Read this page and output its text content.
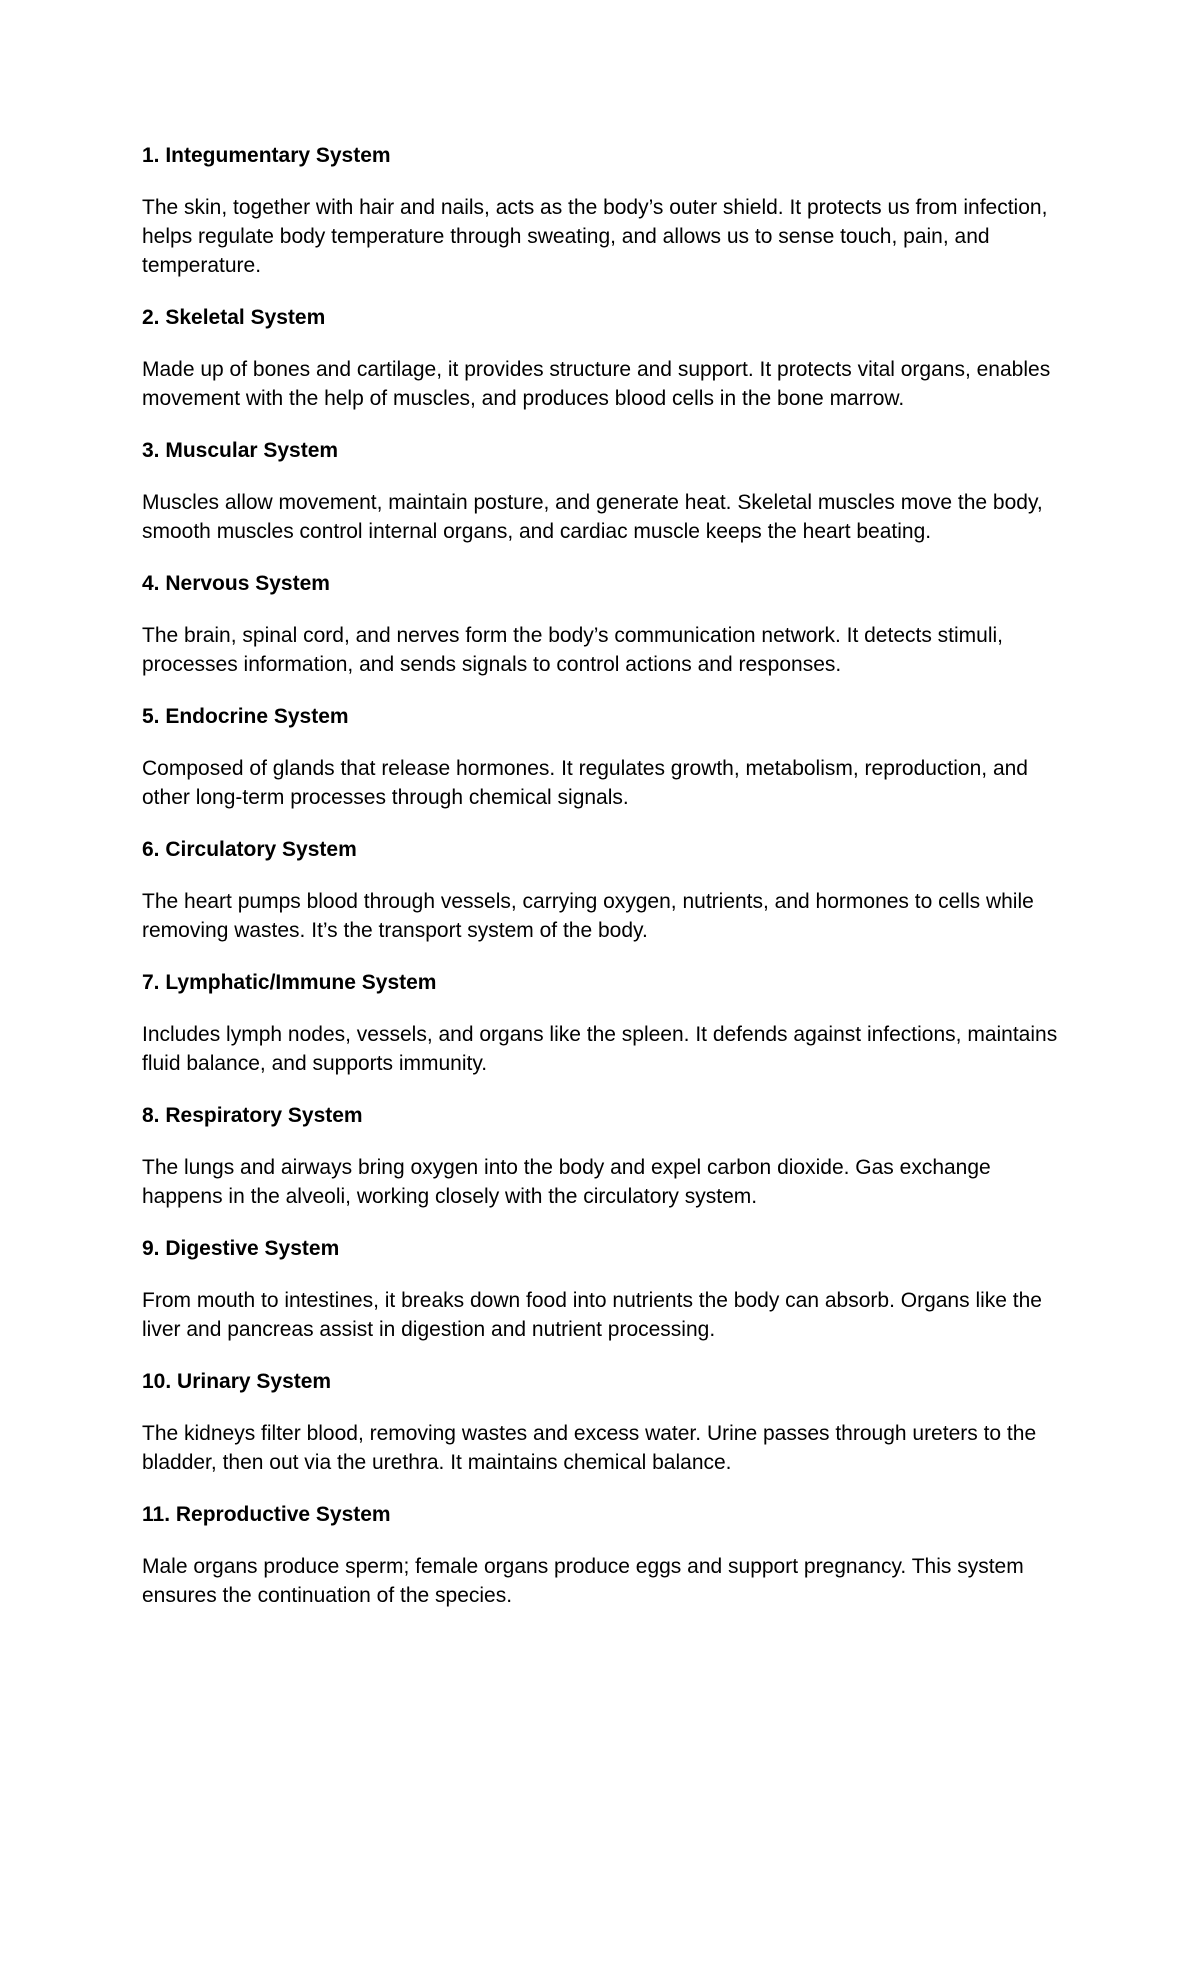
1. Integumentary System

The skin, together with hair and nails, acts as the body’s outer shield. It protects us from infection, helps regulate body temperature through sweating, and allows us to sense touch, pain, and temperature.

2. Skeletal System

Made up of bones and cartilage, it provides structure and support. It protects vital organs, enables movement with the help of muscles, and produces blood cells in the bone marrow.

3. Muscular System

Muscles allow movement, maintain posture, and generate heat. Skeletal muscles move the body, smooth muscles control internal organs, and cardiac muscle keeps the heart beating.

4. Nervous System

The brain, spinal cord, and nerves form the body’s communication network. It detects stimuli, processes information, and sends signals to control actions and responses.

5. Endocrine System

Composed of glands that release hormones. It regulates growth, metabolism, reproduction, and other long-term processes through chemical signals.

6. Circulatory System

The heart pumps blood through vessels, carrying oxygen, nutrients, and hormones to cells while removing wastes. It’s the transport system of the body.

7. Lymphatic/Immune System

Includes lymph nodes, vessels, and organs like the spleen. It defends against infections, maintains fluid balance, and supports immunity.

8. Respiratory System

The lungs and airways bring oxygen into the body and expel carbon dioxide. Gas exchange happens in the alveoli, working closely with the circulatory system.

9. Digestive System

From mouth to intestines, it breaks down food into nutrients the body can absorb. Organs like the liver and pancreas assist in digestion and nutrient processing.

10. Urinary System

The kidneys filter blood, removing wastes and excess water. Urine passes through ureters to the bladder, then out via the urethra. It maintains chemical balance.

11. Reproductive System

Male organs produce sperm; female organs produce eggs and support pregnancy. This system ensures the continuation of the species.
